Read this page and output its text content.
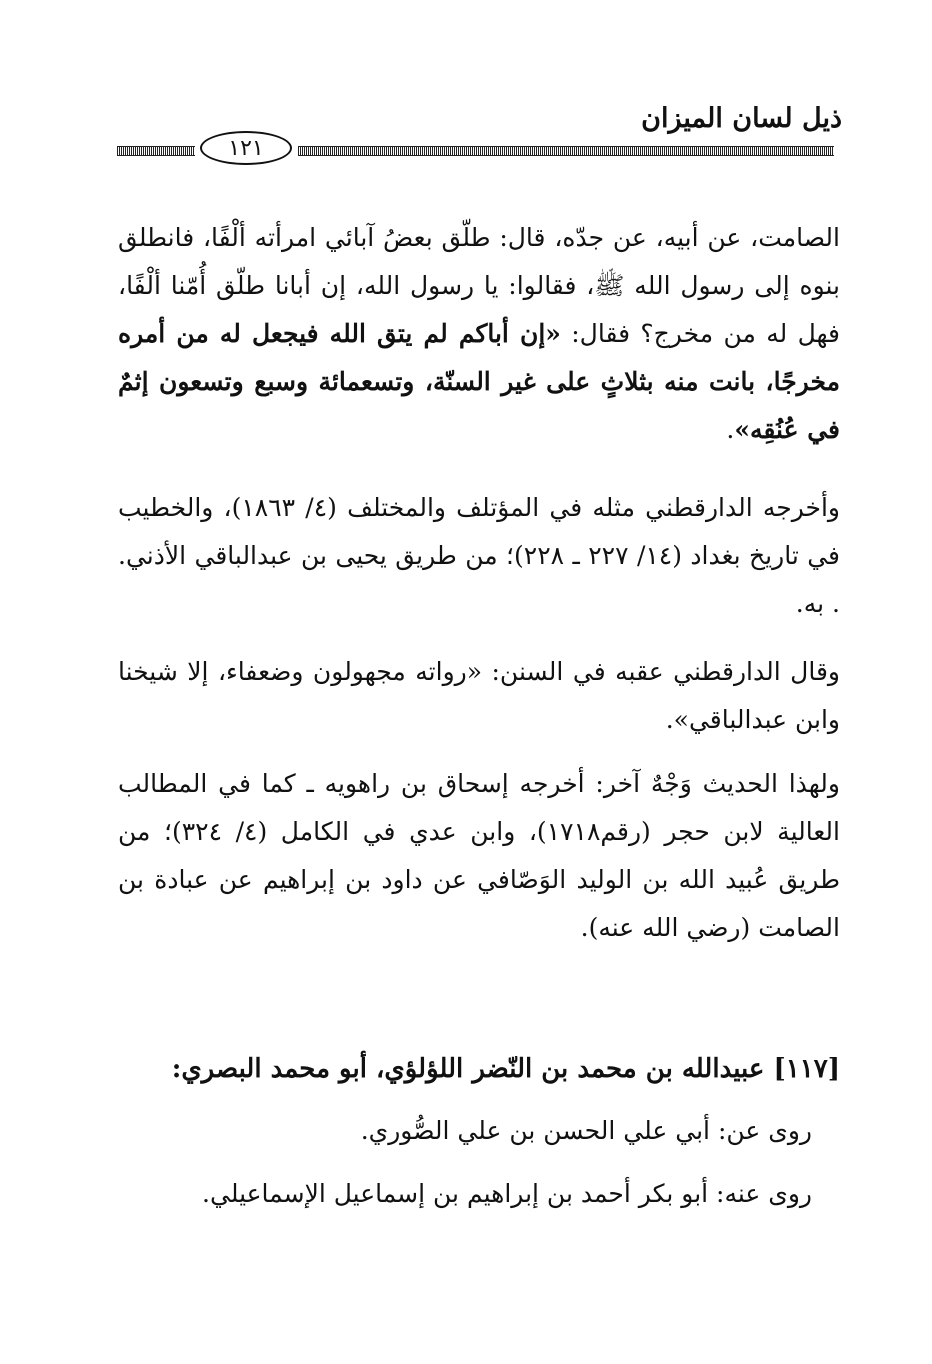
ذيل لسان الميزان
١٢١
الصامت، عن أبيه، عن جدّه، قال: طلّق بعضُ آبائي امرأته ألْفًا، فانطلق بنوه إلى رسول الله ﷺ، فقالوا: يا رسول الله، إن أبانا طلّق أُمّنا ألْفًا، فهل له من مخرج؟ فقال: «إن أباكم لم يتق الله فيجعل له من أمره مخرجًا، بانت منه بثلاثٍ على غير السنّة، وتسعمائة وسبع وتسعون إثمٌ في عُنُقِه».
وأخرجه الدارقطني مثله في المؤتلف والمختلف (٤/ ١٨٦٣)، والخطيب في تاريخ بغداد (١٤/ ٢٢٧ ـ ٢٢٨)؛ من طريق يحيى بن عبدالباقي الأذني. . به.
وقال الدارقطني عقبه في السنن: «رواته مجهولون وضعفاء، إلا شيخنا وابن عبدالباقي».
ولهذا الحديث وَجْهٌ آخر: أخرجه إسحاق بن راهويه ـ كما في المطالب العالية لابن حجر (رقم١٧١٨)، وابن عدي في الكامل (٤/ ٣٢٤)؛ من طريق عُبيد الله بن الوليد الوَصّافي عن داود بن إبراهيم عن عبادة بن الصامت (رضي الله عنه).
[١١٧] عبيدالله بن محمد بن النّضر اللؤلؤي، أبو محمد البصري:
روى عن: أبي علي الحسن بن علي الصُّوري.
روى عنه: أبو بكر أحمد بن إبراهيم بن إسماعيل الإسماعيلي.
